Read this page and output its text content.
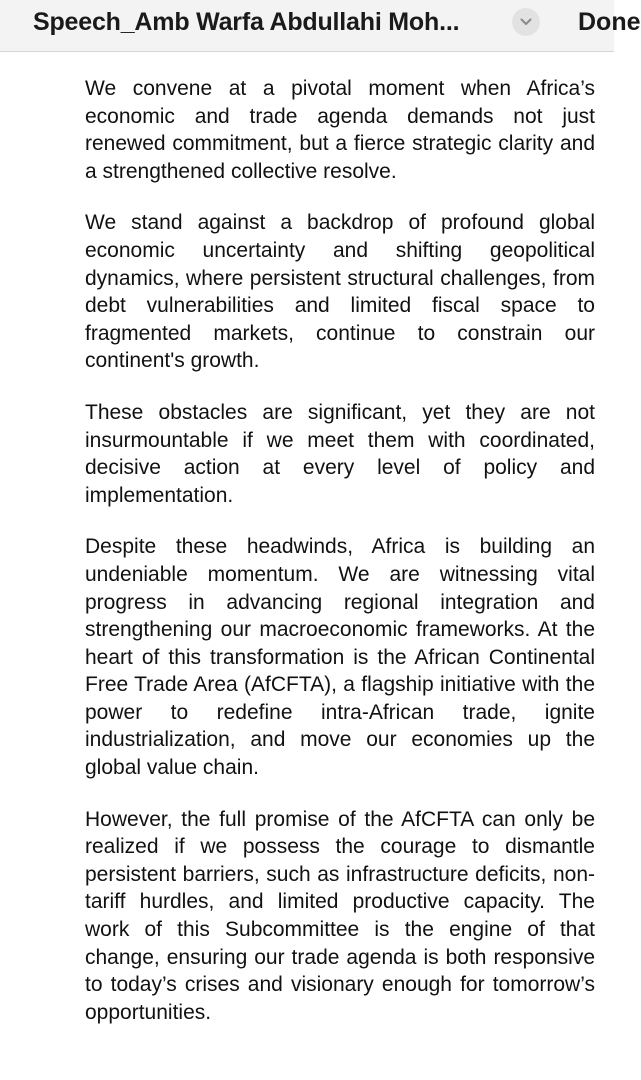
Speech_Amb Warfa Abdullahi Moh...	Done

We convene at a pivotal moment when Africa’s economic and trade agenda demands not just renewed commitment, but a fierce strategic clarity and a strengthened collective resolve.

We stand against a backdrop of profound global economic uncertainty and shifting geopolitical dynamics, where persistent structural challenges, from debt vulnerabilities and limited fiscal space to fragmented markets, continue to constrain our continent's growth.

These obstacles are significant, yet they are not insurmountable if we meet them with coordinated, decisive action at every level of policy and implementation.

Despite these headwinds, Africa is building an undeniable momentum. We are witnessing vital progress in advancing regional integration and strengthening our macroeconomic frameworks. At the heart of this transformation is the African Continental Free Trade Area (AfCFTA), a flagship initiative with the power to redefine intra-African trade, ignite industrialization, and move our economies up the global value chain.

However, the full promise of the AfCFTA can only be realized if we possess the courage to dismantle persistent barriers, such as infrastructure deficits, non-tariff hurdles, and limited productive capacity. The work of this Subcommittee is the engine of that change, ensuring our trade agenda is both responsive to today’s crises and visionary enough for tomorrow’s opportunities.
